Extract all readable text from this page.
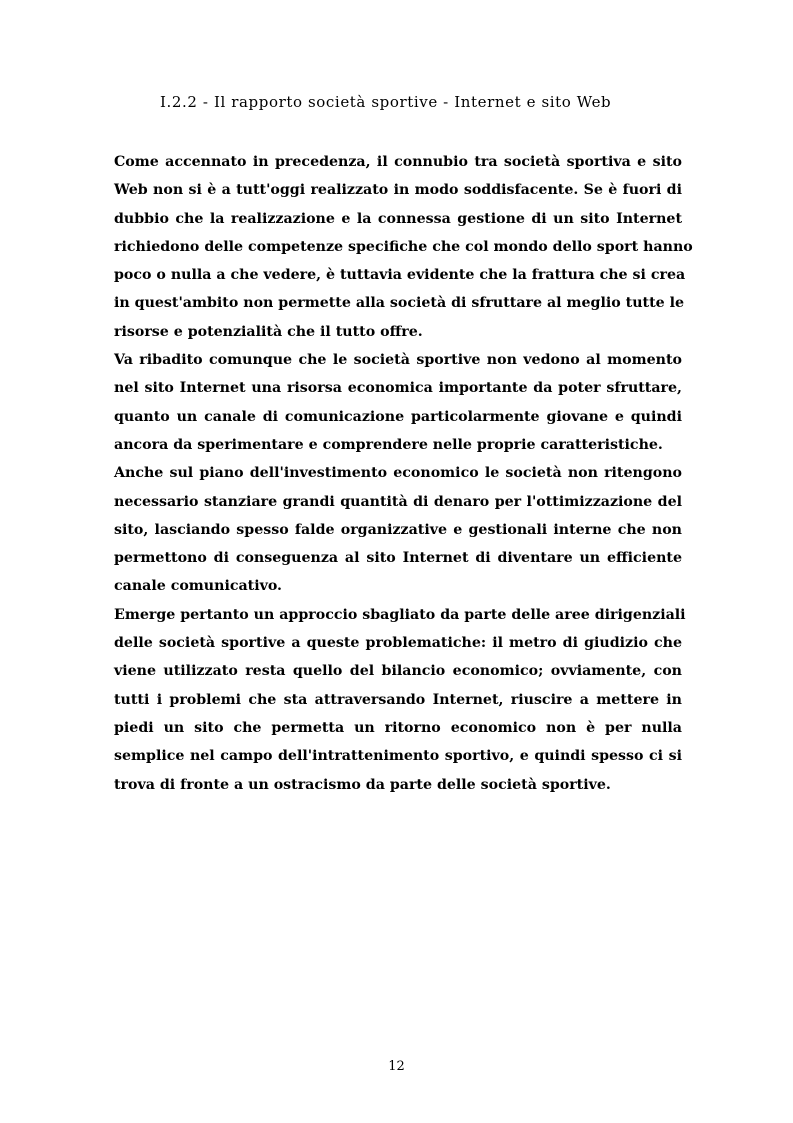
I.2.2 - Il rapporto società sportive - Internet e sito Web

Come accennato in precedenza, il connubio tra società sportiva e sito
Web non si è a tutt'oggi realizzato in modo soddisfacente. Se è fuori di
dubbio che la realizzazione e la connessa gestione di un sito Internet
richiedono delle competenze specifiche che col mondo dello sport hanno
poco o nulla a che vedere, è tuttavia evidente che la frattura che si crea
in quest'ambito non permette alla società di sfruttare al meglio tutte le
risorse e potenzialità che il tutto offre.

Va ribadito comunque che le società sportive non vedono al momento
nel sito Internet una risorsa economica importante da poter sfruttare,
quanto un canale di comunicazione particolarmente giovane e quindi
ancora da sperimentare e comprendere nelle proprie caratteristiche.

Anche sul piano dell'investimento economico le società non ritengono
necessario stanziare grandi quantità di denaro per l'ottimizzazione del
sito, lasciando spesso falde organizzative e gestionali interne che non
permettono di conseguenza al sito Internet di diventare un efficiente
canale comunicativo.

Emerge pertanto un approccio sbagliato da parte delle aree dirigenziali
delle società sportive a queste problematiche: il metro di giudizio che
viene utilizzato resta quello del bilancio economico; ovviamente, con
tutti i problemi che sta attraversando Internet, riuscire a mettere in
piedi un sito che permetta un ritorno economico non è per nulla
semplice nel campo dell'intrattenimento sportivo, e quindi spesso ci si
trova di fronte a un ostracismo da parte delle società sportive.

12
